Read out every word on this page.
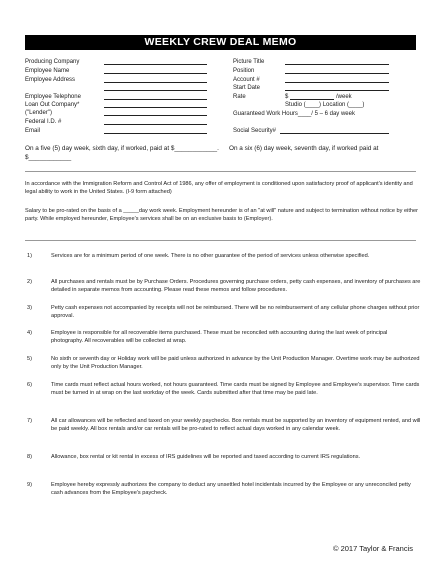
WEEKLY CREW DEAL MEMO
Producing Company
Employee Name
Employee Address
Employee Telephone
Loan Out Company*
("Lender")
Federal I.D. #
Email
Picture Title
Position
Account #
Start Date
Rate	$	/week
Studio (____) Location (____)
Guaranteed Work Hours____/ 5 – 6 day week
Social Security#
On a five (5) day week, sixth day, if worked, paid at $____________. On a six (6) day week, seventh day, if worked paid at
$____________
In accordance with the Immigration Reform and Control Act of 1986, any offer of employment is conditioned upon satisfactory proof of applicant's identity and legal ability to work in the United States. (I-9 form attached)
Salary to be pro-rated on the basis of a _____day work week. Employment hereunder is of an "at will" nature and subject to termination without notice by either party. While employed hereunder, Employee's services shall be on an exclusive basis to (Employer).
1)	Services are for a minimum period of one week. There is no other guarantee of the period of services unless otherwise specified.
2)	All purchases and rentals must be by Purchase Orders. Procedures governing purchase orders, petty cash expenses, and inventory of purchases are detailed in separate memos from accounting. Please read these memos and follow procedures.
3)	Petty cash expenses not accompanied by receipts will not be reimbursed. There will be no reimbursement of any cellular phone charges without prior approval.
4)	Employee is responsible for all recoverable items purchased. These must be reconciled with accounting during the last week of principal photography. All recoverables will be collected at wrap.
5)	No sixth or seventh day or Holiday work will be paid unless authorized in advance by the Unit Production Manager. Overtime work may be authorized only by the Unit Production Manager.
6)	Time cards must reflect actual hours worked, not hours guaranteed. Time cards must be signed by Employee and Employee's supervisor. Time cards must be turned in at wrap on the last workday of the week. Cards submitted after that time may be paid late.
7)	All car allowances will be reflected and taxed on your weekly paychecks. Box rentals must be supported by an inventory of equipment rented, and will be paid weekly. All box rentals and/or car rentals will be pro-rated to reflect actual days worked in any calendar week.
8)	Allowance, box rental or kit rental in excess of IRS guidelines will be reported and taxed according to current IRS regulations.
9)	Employee hereby expressly authorizes the company to deduct any unsettled hotel incidentals incurred by the Employee or any unreconciled petty cash advances from the Employee's paycheck.
© 2017 Taylor & Francis
